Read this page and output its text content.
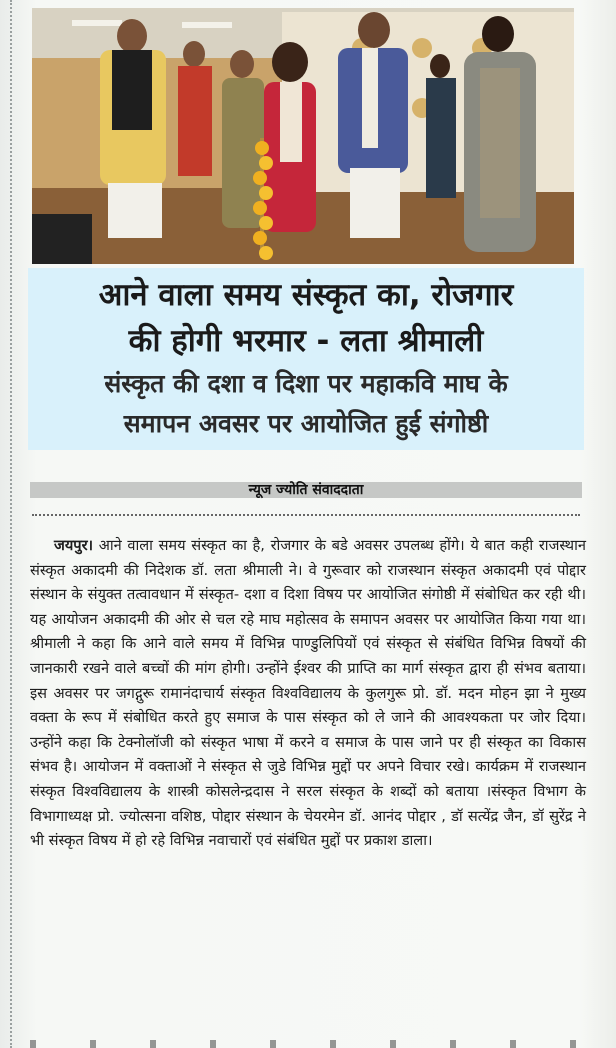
आने वाला समय संस्कृत का, रोजगार
की होगी भरमार - लता श्रीमाली
संस्कृत की दशा व दिशा पर महाकवि माघ के
समापन अवसर पर आयोजित हुई संगोष्ठी
न्यूज ज्योति संवाददाता
जयपुर। आने वाला समय संस्कृत का है, रोजगार के बडे अवसर उपलब्ध होंगे। ये बात कही राजस्थान संस्कृत अकादमी की निदेशक डॉ. लता श्रीमाली ने। वे गुरूवार को राजस्थान संस्कृत अकादमी एवं पोद्दार संस्थान के संयुक्त तत्वावधान में संस्कृत- दशा व दिशा विषय पर आयोजित संगोष्ठी में संबोधित कर रही थी। यह आयोजन अकादमी की ओर से चल रहे माघ महोत्सव के समापन अवसर पर आयोजित किया गया था। श्रीमाली ने कहा कि आने वाले समय में विभिन्न पाण्डुलिपियों एवं संस्कृत से संबंधित विभिन्न विषयों की जानकारी रखने वाले बच्चों की मांग होगी। उन्होंने ईश्वर की प्राप्ति का मार्ग संस्कृत द्वारा ही संभव बताया। इस अवसर पर जगद्गुरू रामानंदाचार्य संस्कृत विश्वविद्यालय के कुलगुरू प्रो. डॉ. मदन मोहन झा ने मुख्य वक्ता के रूप में संबोधित करते हुए समाज के पास संस्कृत को ले जाने की आवश्यकता पर जोर दिया। उन्होंने कहा कि टेक्नोलॉजी को संस्कृत भाषा में करने व समाज के पास जाने पर ही संस्कृत का विकास संभव है। आयोजन में वक्ताओं ने संस्कृत से जुडे विभिन्न मुद्दों पर अपने विचार रखे। कार्यक्रम में राजस्थान संस्कृत विश्वविद्यालय के शास्त्री कोसलेन्द्रदास ने सरल संस्कृत के शब्दों को बताया ।संस्कृत विभाग के विभागाध्यक्ष प्रो. ज्योत्सना वशिष्ठ, पोद्दार संस्थान के चेयरमेन डॉ. आनंद पोद्दार , डॉ सत्येंद्र जैन, डॉ सुरेंद्र ने भी संस्कृत विषय में हो रहे विभिन्न नवाचारों एवं संबंधित मुद्दों पर प्रकाश डाला।
